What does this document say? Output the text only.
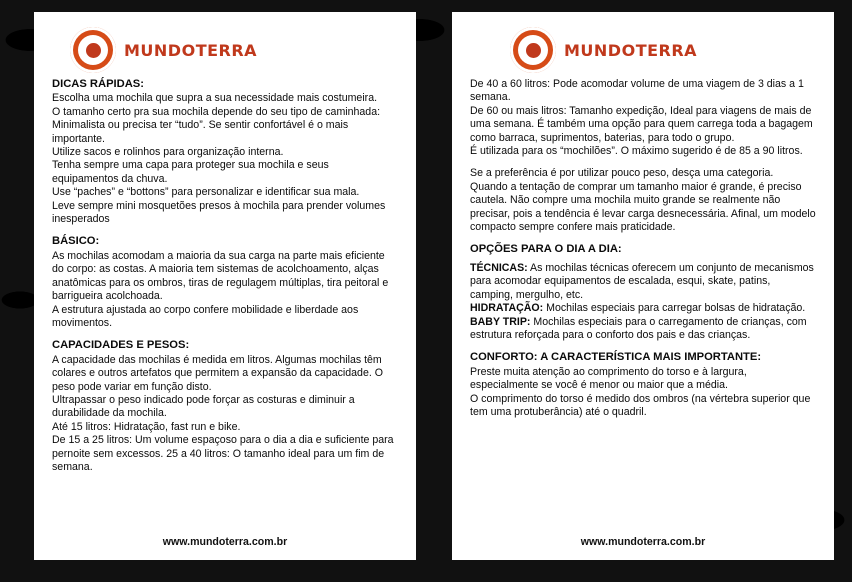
MUNDOTERRA
DICAS RÁPIDAS:

Escolha uma mochila que supra a sua necessidade mais costumeira.

O tamanho certo pra sua mochila depende do seu tipo de caminhada: Minimalista ou precisa ter “tudo”. Se sentir confortável é o mais importante.

Utilize sacos e rolinhos para organização interna.

Tenha sempre uma capa para proteger sua mochila e seus equipamentos da chuva.

Use “paches” e “bottons” para personalizar e identificar sua mala.

Leve sempre mini mosquetões presos à mochila para prender volumes inesperados

BÁSICO:

As mochilas acomodam a maioria da sua carga na parte mais eficiente do corpo: as costas. A maioria tem sistemas de acolchoamento, alças anatômicas para os ombros, tiras de regulagem múltiplas, tira peitoral e barrigueira acolchoada.

A estrutura ajustada ao corpo confere mobilidade e liberdade aos movimentos.

CAPACIDADES E PESOS:

A capacidade das mochilas é medida em litros. Algumas mochilas têm colares e outros artefatos que permitem a expansão da capacidade. O peso pode variar em função disto.

Ultrapassar o peso indicado pode forçar as costuras e diminuir a durabilidade da mochila.

Até 15 litros: Hidratação, fast run e bike.

De 15 a 25 litros: Um volume espaçoso para o dia a dia e suficiente para pernoite sem excessos. 25 a 40 litros: O tamanho ideal para um fim de semana.

www.mundoterra.com.br
MUNDOTERRA

De 40 a 60 litros: Pode acomodar volume de uma viagem de 3 dias a 1 semana.

De 60 ou mais litros: Tamanho expedição, Ideal para viagens de mais de uma semana. É também uma opção para quem carrega toda a bagagem como barraca, suprimentos, baterias, para todo o grupo.

É utilizada para os “mochilões”. O máximo sugerido é de 85 a 90 litros.

Se a preferência é por utilizar pouco peso, desça uma categoria.

Quando a tentação de comprar um tamanho maior é grande, é preciso cautela. Não compre uma mochila muito grande se realmente não precisar, pois a tendência é levar carga desnecessária. Afinal, um modelo compacto sempre confere mais praticidade.

OPÇÕES PARA O DIA A DIA:

TÉCNICAS: As mochilas técnicas oferecem um conjunto de mecanismos para acomodar equipamentos de escalada, esqui, skate, patins, camping, mergulho, etc.

HIDRATAÇÃO: Mochilas especiais para carregar bolsas de hidratação.

BABY TRIP: Mochilas especiais para o carregamento de crianças, com estrutura reforçada para o conforto dos pais e das crianças.

CONFORTO: A CARACTERÍSTICA MAIS IMPORTANTE:

Preste muita atenção ao comprimento do torso e à largura, especialmente se você é menor ou maior que a média.

O comprimento do torso é medido dos ombros (na vértebra superior que tem uma protuberância) até o quadril.

www.mundoterra.com.br
